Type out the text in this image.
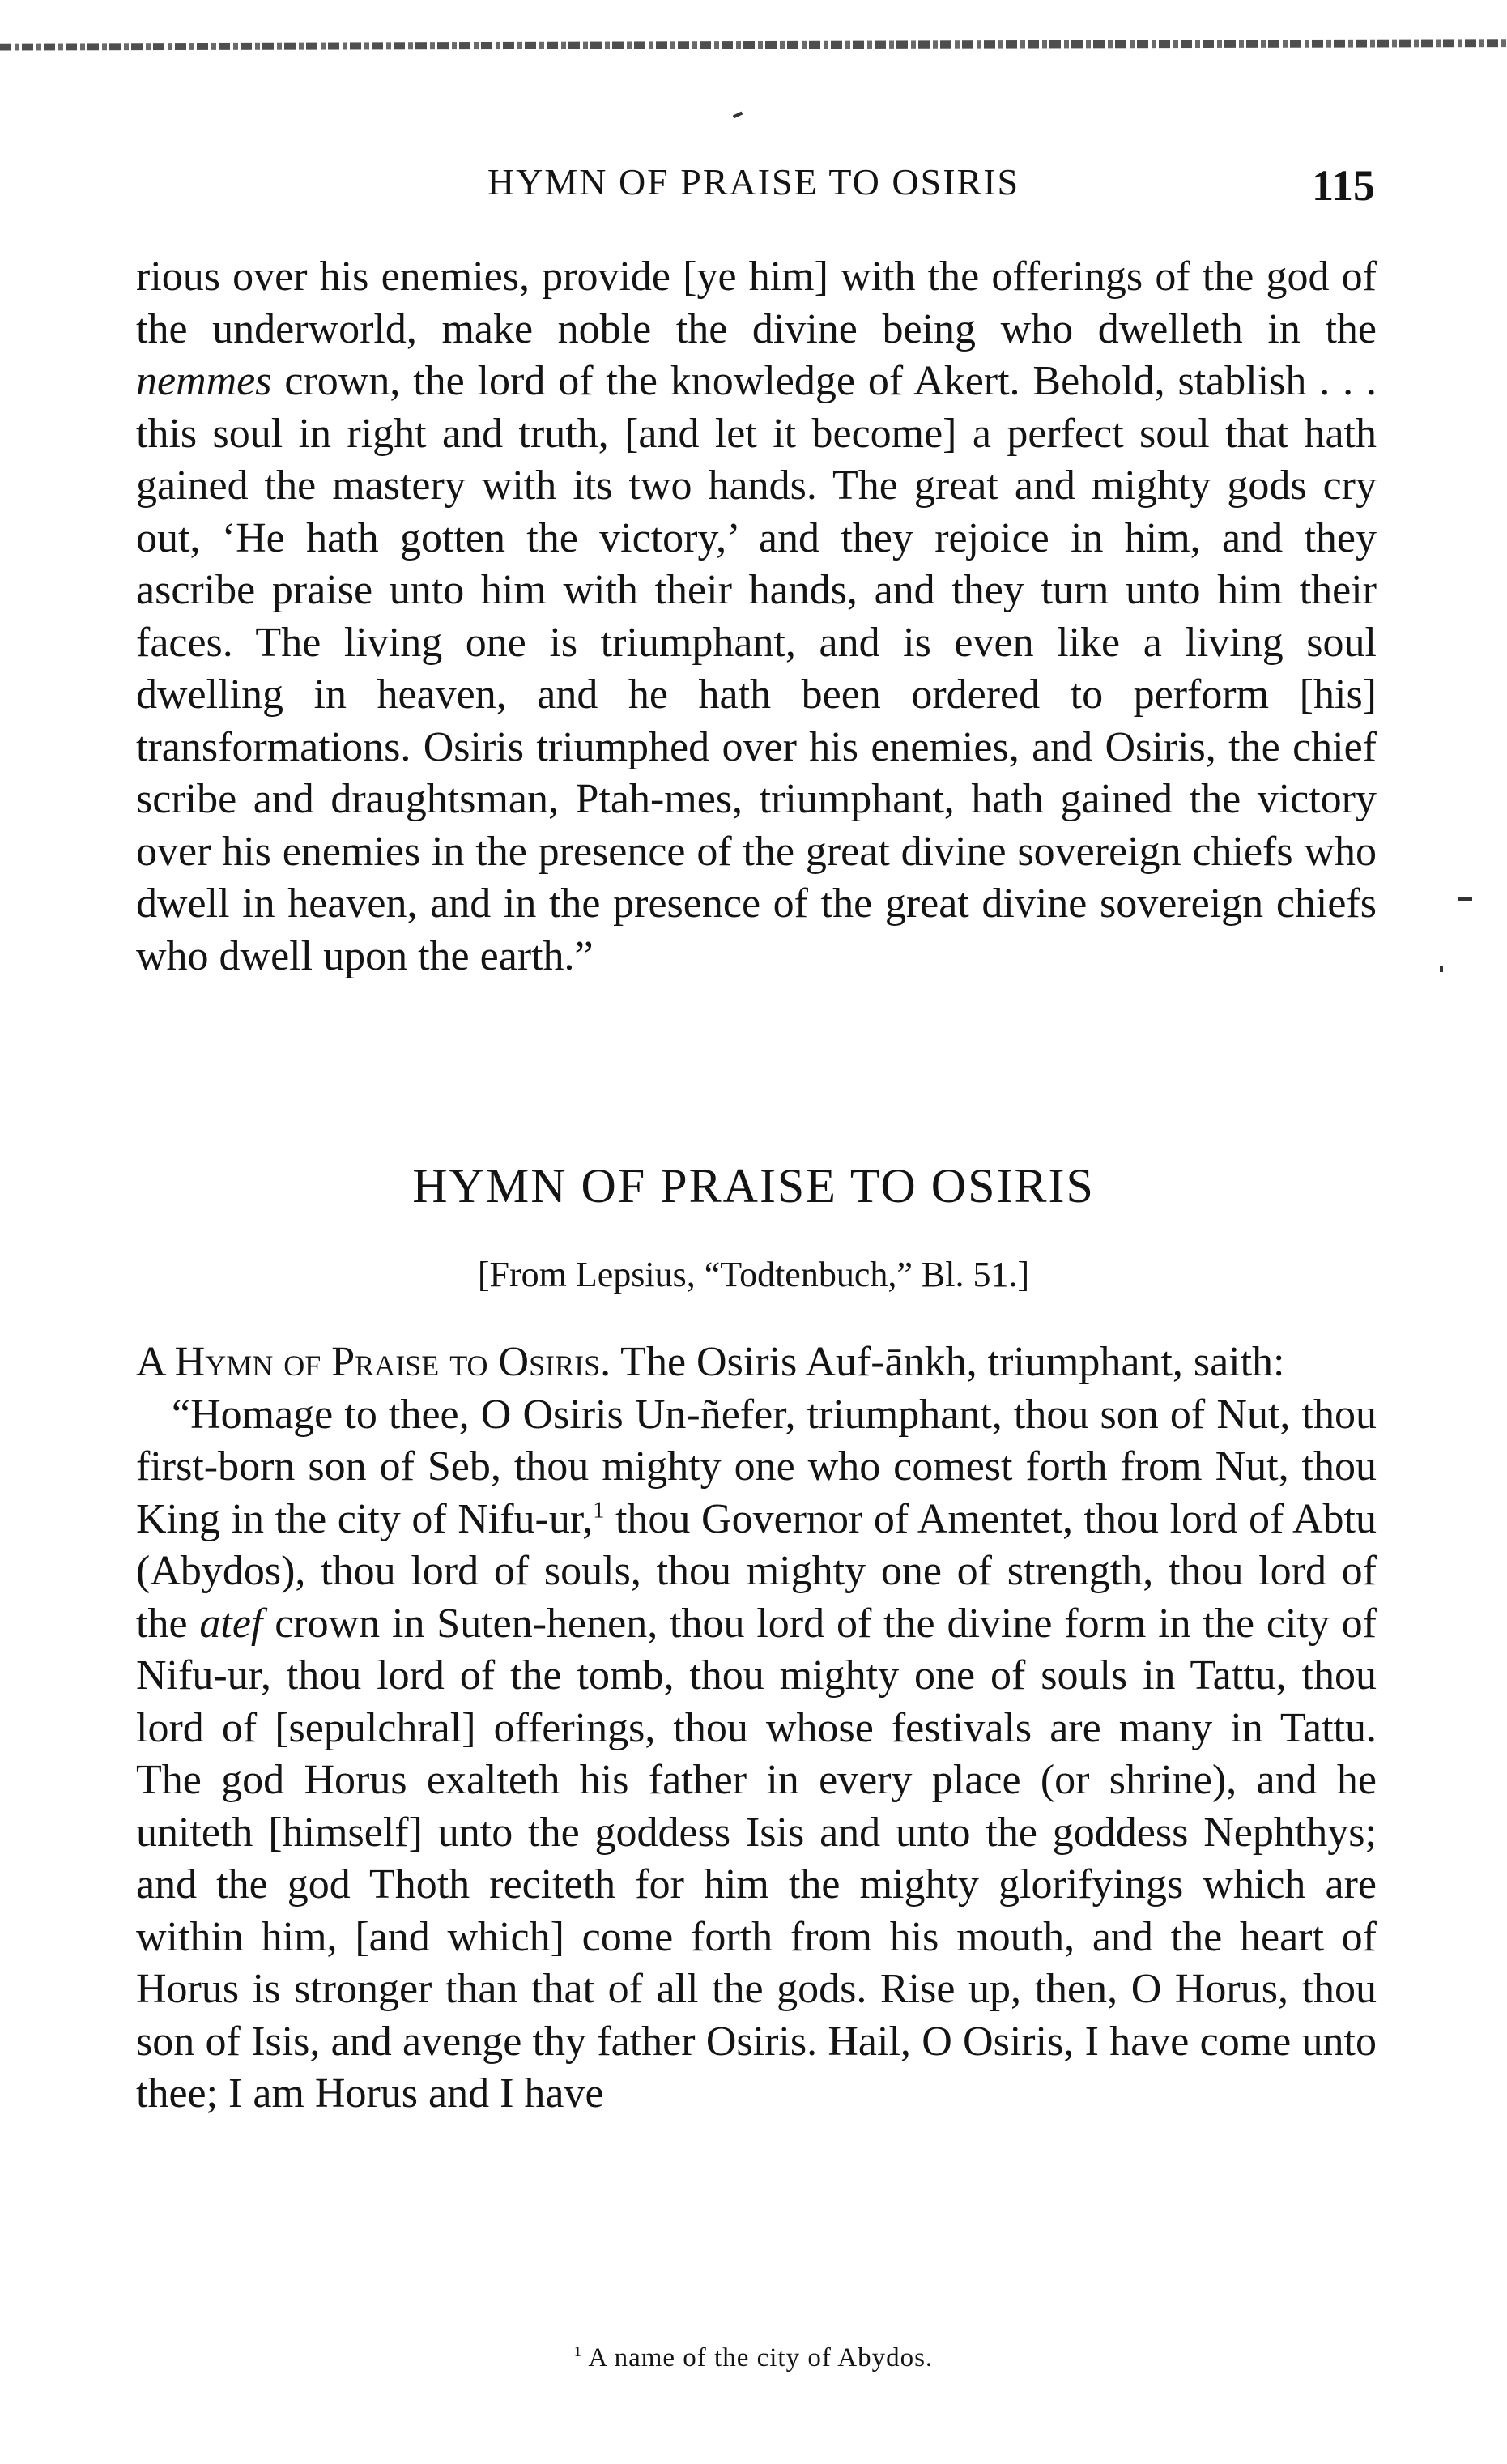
HYMN OF PRAISE TO OSIRIS	115

rious over his enemies, provide [ye him] with the offerings of the god of the underworld, make noble the divine being who dwelleth in the nemmes crown, the lord of the knowledge of Akert. Behold, stablish . . . this soul in right and truth, [and let it become] a perfect soul that hath gained the mastery with its two hands. The great and mighty gods cry out, ‘He hath gotten the victory,’ and they rejoice in him, and they ascribe praise unto him with their hands, and they turn unto him their faces. The living one is triumphant, and is even like a living soul dwelling in heaven, and he hath been ordered to perform [his] transformations. Osiris triumphed over his enemies, and Osiris, the chief scribe and draughtsman, Ptah-mes, triumphant, hath gained the victory over his enemies in the presence of the great divine sovereign chiefs who dwell in heaven, and in the presence of the great divine sovereign chiefs who dwell upon the earth.”

HYMN OF PRAISE TO OSIRIS
[From Lepsius, “Todtenbuch,” Bl. 51.]

A Hymn of Praise to Osiris. The Osiris Auf-ānkh, triumphant, saith:

“Homage to thee, O Osiris Un-ñefer, triumphant, thou son of Nut, thou first-born son of Seb, thou mighty one who comest forth from Nut, thou King in the city of Nifu-ur,$^1$ thou Governor of Amentet, thou lord of Abtu (Abydos), thou lord of souls, thou mighty one of strength, thou lord of the atef crown in Suten-henen, thou lord of the divine form in the city of Nifu-ur, thou lord of the tomb, thou mighty one of souls in Tattu, thou lord of [sepulchral] offerings, thou whose festivals are many in Tattu. The god Horus exalteth his father in every place (or shrine), and he uniteth [himself] unto the goddess Isis and unto the goddess Nephthys; and the god Thoth reciteth for him the mighty glorifyings which are within him, [and which] come forth from his mouth, and the heart of Horus is stronger than that of all the gods. Rise up, then, O Horus, thou son of Isis, and avenge thy father Osiris. Hail, O Osiris, I have come unto thee; I am Horus and I have

$^1$ A name of the city of Abydos.
